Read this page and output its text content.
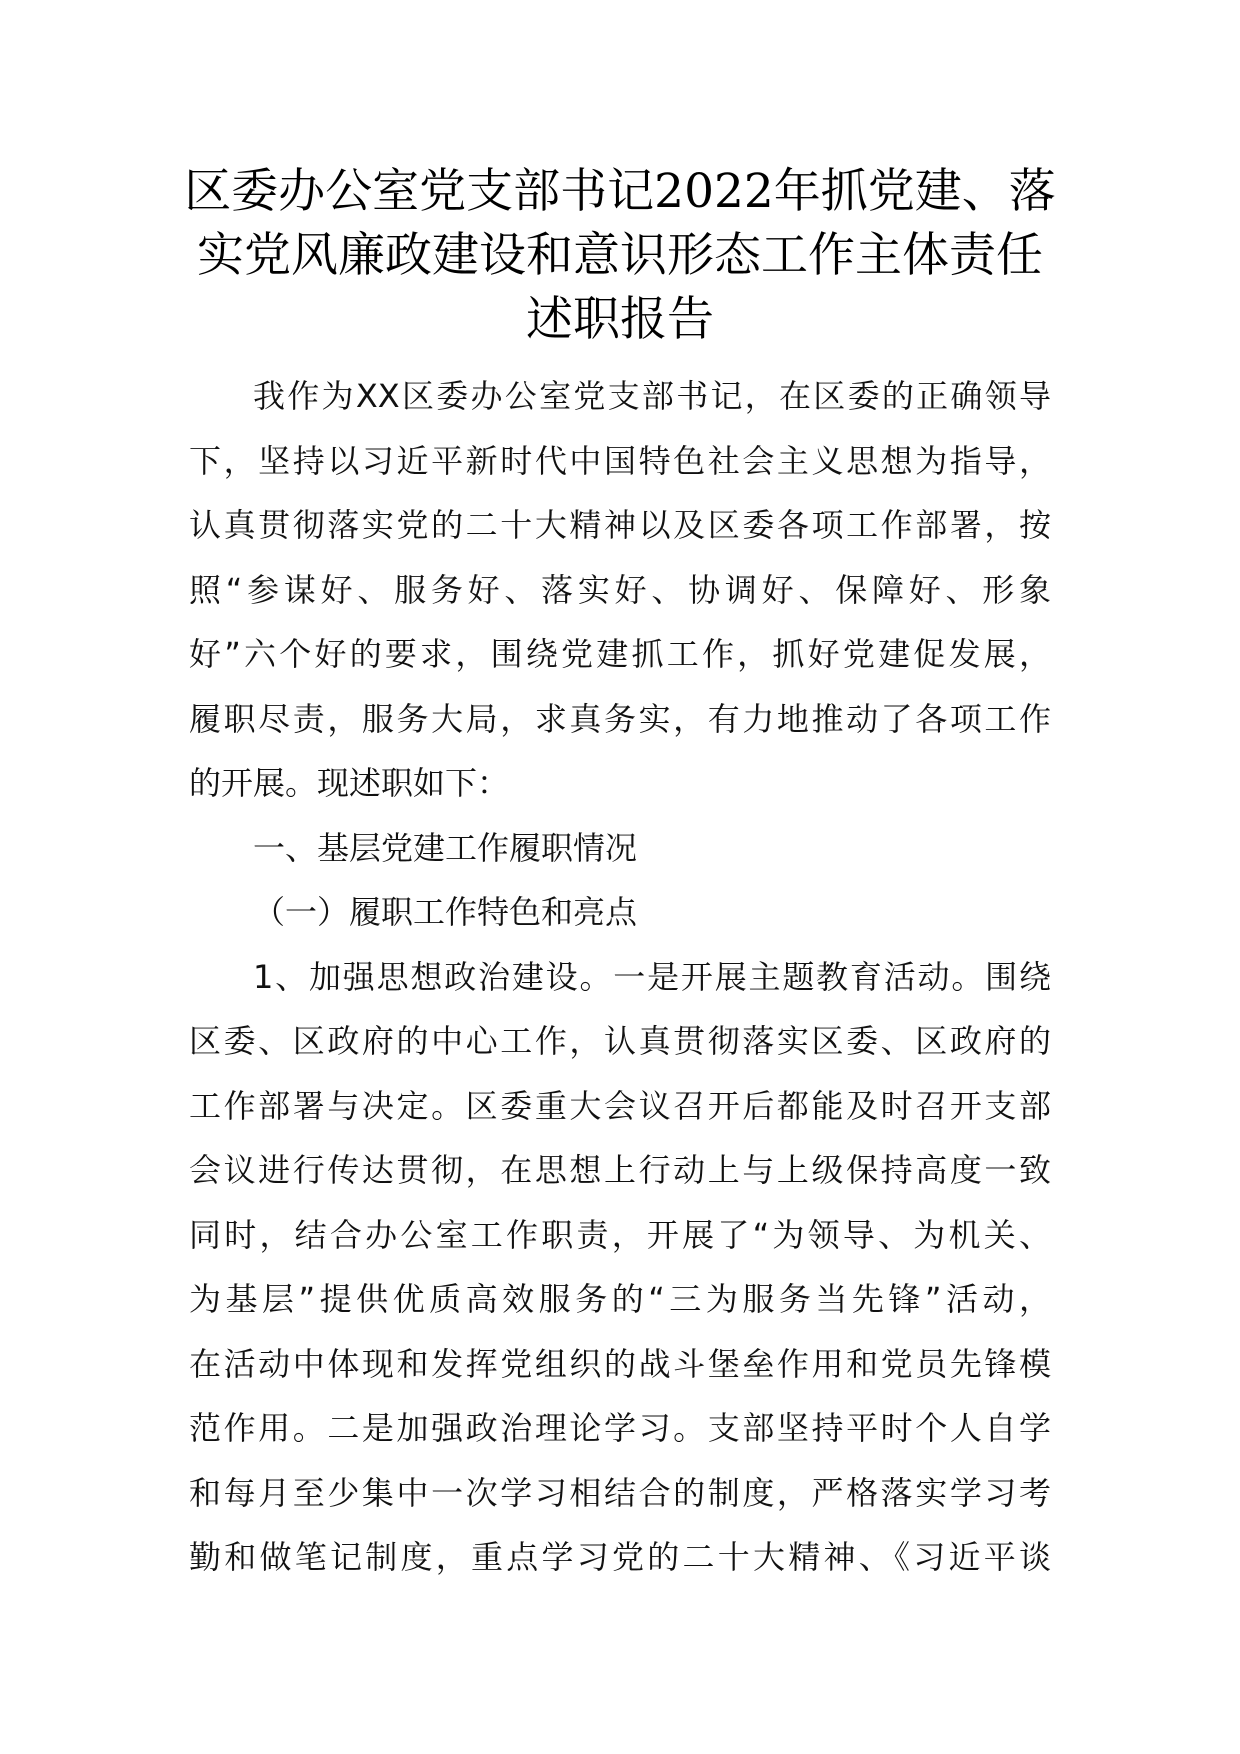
区委办公室党支部书记2022年抓党建、落
实党风廉政建设和意识形态工作主体责任
述职报告
我作为XX区委办公室党支部书记，在区委的正确领导
下，坚持以习近平新时代中国特色社会主义思想为指导，
认真贯彻落实党的二十大精神以及区委各项工作部署，按
照“参谋好、服务好、落实好、协调好、保障好、形象
好”六个好的要求，围绕党建抓工作，抓好党建促发展，
履职尽责，服务大局，求真务实，有力地推动了各项工作
的开展。现述职如下：
一、基层党建工作履职情况
（一）履职工作特色和亮点
1、加强思想政治建设。一是开展主题教育活动。围绕
区委、区政府的中心工作，认真贯彻落实区委、区政府的
工作部署与决定。区委重大会议召开后都能及时召开支部
会议进行传达贯彻，在思想上行动上与上级保持高度一致
同时，结合办公室工作职责，开展了“为领导、为机关、
为基层”提供优质高效服务的“三为服务当先锋”活动，
在活动中体现和发挥党组织的战斗堡垒作用和党员先锋模
范作用。二是加强政治理论学习。支部坚持平时个人自学
和每月至少集中一次学习相结合的制度，严格落实学习考
勤和做笔记制度，重点学习党的二十大精神、《习近平谈
